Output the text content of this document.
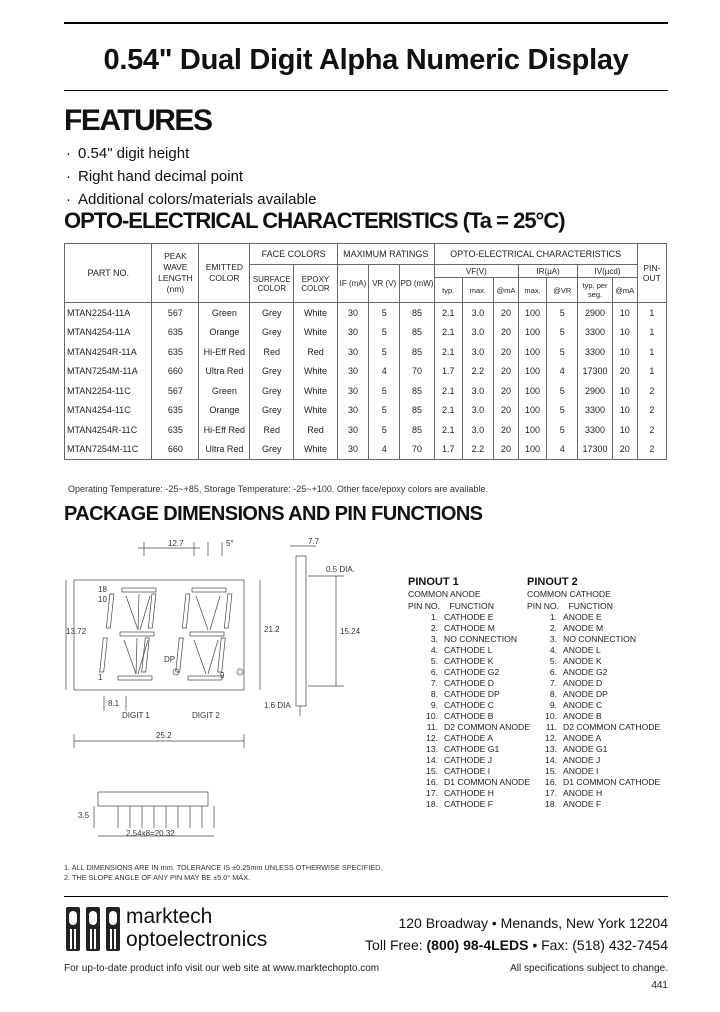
0.54" Dual Digit Alpha Numeric Display
FEATURES
· 0.54" digit height
· Right hand decimal point
· Additional colors/materials available
OPTO-ELECTRICAL CHARACTERISTICS (Ta = 25°C)
PART NO.	PEAK WAVE LENGTH (nm)	EMITTED COLOR	FACE COLORS		MAXIMUM RATINGS			OPTO-ELECTRICAL CHARACTERISTICS							PIN-OUT
			SURFACE COLOR	EPOXY COLOR	IF (mA)	VR (V)	PD (mW)	VF(V)			IR(µA)		IV(µcd)		
								typ.	max.	@mA	max.	@VR	typ. per seg.	@mA	
MTAN2254-11A	567	Green	Grey	White	30	5	85	2.1	3.0	20	100	5	2900	10	1
MTAN4254-11A	635	Orange	Grey	White	30	5	85	2.1	3.0	20	100	5	3300	10	1
MTAN4254R-11A	635	Hi-Eff Red	Red	Red	30	5	85	2.1	3.0	20	100	5	3300	10	1
MTAN7254M-11A	660	Ultra Red	Grey	White	30	4	70	1.7	2.2	20	100	4	17300	20	1
MTAN2254-11C	567	Green	Grey	White	30	5	85	2.1	3.0	20	100	5	2900	10	2
MTAN4254-11C	635	Orange	Grey	White	30	5	85	2.1	3.0	20	100	5	3300	10	2
MTAN4254R-11C	635	Hi-Eff Red	Red	Red	30	5	85	2.1	3.0	20	100	5	3300	10	2
MTAN7254M-11C	660	Ultra Red	Grey	White	30	4	70	1.7	2.2	20	100	4	17300	20	2
Operating Temperature: -25~+85, Storage Temperature: -25~+100. Other face/epoxy colors are available.
PACKAGE DIMENSIONS AND PIN FUNCTIONS
12.7	5°	7.7
0.5 DIA.
13.72	21.2	15.24
1.6 DIA
8.1
25.2
3.5
2.54x8=20.32
18
10
1	9
DP
DIGIT 1	DIGIT 2
PINOUT 1
COMMON ANODE
PIN NO.    FUNCTION
1. CATHODE E
2. CATHODE M
3. NO CONNECTION
4. CATHODE L
5. CATHODE K
6. CATHODE G2
7. CATHODE D
8. CATHODE DP
9. CATHODE C
10. CATHODE B
11. D2 COMMON ANODE
12. CATHODE A
13. CATHODE G1
14. CATHODE J
15. CATHODE I
16. D1 COMMON ANODE
17. CATHODE H
18. CATHODE F
PINOUT 2
COMMON CATHODE
PIN NO.    FUNCTION
1. ANODE E
2. ANODE M
3. NO CONNECTION
4. ANODE L
5. ANODE K
6. ANODE G2
7. ANODE D
8. ANODE DP
9. ANODE C
10. ANODE B
11. D2 COMMON CATHODE
12. ANODE A
13. ANODE G1
14. ANODE J
15. ANODE I
16. D1 COMMON CATHODE
17. ANODE H
18. ANODE F
1. ALL DIMENSIONS ARE IN mm. TOLERANCE IS ±0.25mm UNLESS OTHERWISE SPECIFIED.
2. THE SLOPE ANGLE OF ANY PIN MAY BE ±5.0° MAX.
marktech
optoelectronics
120 Broadway • Menands, New York 12204
Toll Free: (800) 98-4LEDS • Fax: (518) 432-7454
For up-to-date product info visit our web site at www.marktechopto.com	All specifications subject to change.
441
